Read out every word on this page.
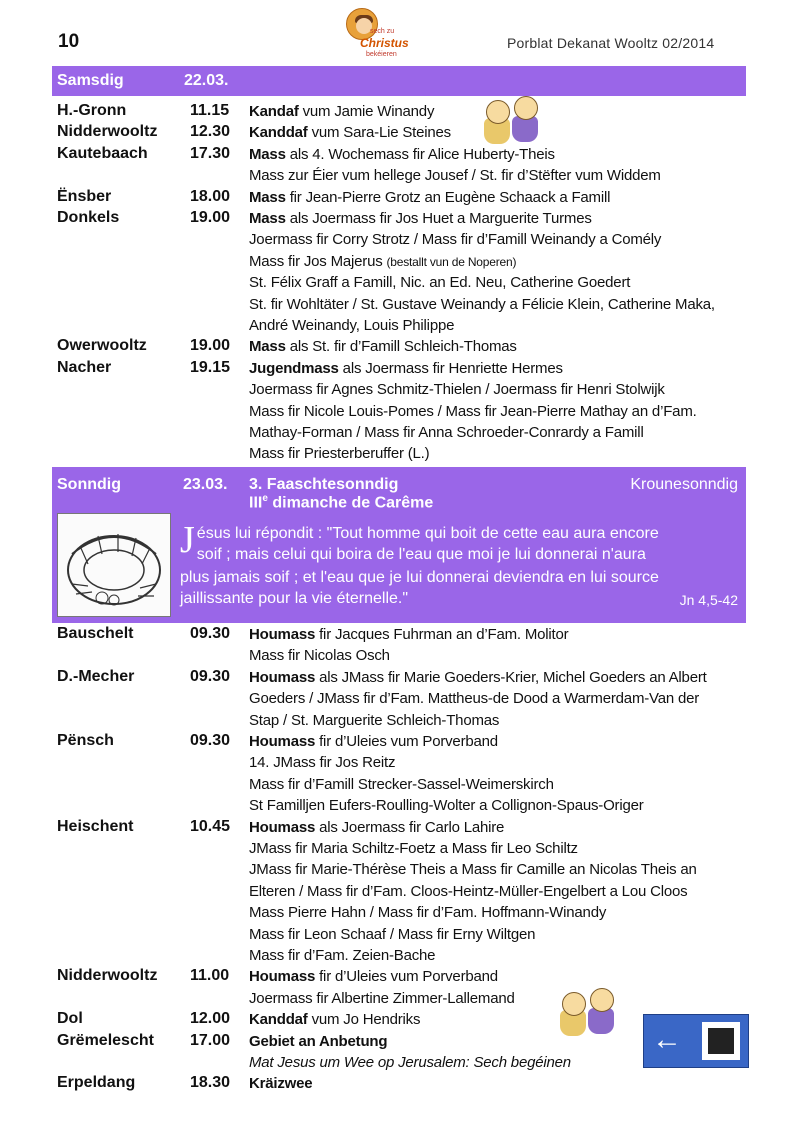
10	sech zu
Christus
bekéieren
Porblat Dekanat Wooltz 02/2014
Samsdig	22.03.
H.-Gronn	11.15 Kandaf vum Jamie Winandy
Nidderwooltz 12.30 Kanddaf vum Sara-Lie Steines
Kautebaach	17.30 Mass als 4. Wochemass fir Alice Huberty-Theis
Mass zur Éier vum hellege Jousef / St. fir d’Stëfter vum Widdem
Ënsber	18.00 Mass fir Jean-Pierre Grotz an Eugène Schaack a Famill
Donkels	19.00 Mass als Joermass fir Jos Huet a Marguerite Turmes
Joermass fir Corry Strotz / Mass fir d’Famill Weinandy a Comély
Mass fir Jos Majerus (bestallt vun de Noperen)
St. Félix Graff a Famill, Nic. an Ed. Neu, Catherine Goedert
St. fir Wohltäter / St. Gustave Weinandy a Félicie Klein, Catherine Maka,
André Weinandy, Louis Philippe
Owerwooltz	19.00 Mass als St. fir d’Famill Schleich-Thomas
Nacher	19.15 Jugendmass als Joermass fir Henriette Hermes
Joermass fir Agnes Schmitz-Thielen / Joermass fir Henri Stolwijk
Mass fir Nicole Louis-Pomes / Mass fir Jean-Pierre Mathay an d’Fam.
Mathay-Forman / Mass fir Anna Schroeder-Conrardy a Famill
Mass fir Priesterberuffer (L.)
Sonndig	23.03. 3. Faaschtesonndig
IIIe dimanche de Carême
Krounesonndig
J ésus lui répondit : "Tout homme qui boit de cette eau aura encore
soif ; mais celui qui boira de l'eau que moi je lui donnerai n'aura
plus jamais soif ; et l'eau que je lui donnerai deviendra en lui source
jaillissante pour la vie éternelle."	Jn 4,5-42
Bauschelt	09.30 Houmass fir Jacques Fuhrman an d’Fam. Molitor
Mass fir Nicolas Osch
D.-Mecher	09.30 Houmass als JMass fir Marie Goeders-Krier, Michel Goeders an Albert
Goeders / JMass fir d’Fam. Mattheus-de Dood a Warmerdam-Van der
Stap / St. Marguerite Schleich-Thomas
Pënsch	09.30 Houmass fir d’Uleies vum Porverband
14. JMass fir Jos Reitz
Mass fir d’Famill Strecker-Sassel-Weimerskirch
St Familljen Eufers-Roulling-Wolter a Collignon-Spaus-Origer
Heischent	10.45 Houmass als Joermass fir Carlo Lahire
JMass fir Maria Schiltz-Foetz a Mass fir Leo Schiltz
JMass fir Marie-Thérèse Theis a Mass fir Camille an Nicolas Theis an
Elteren / Mass fir d’Fam. Cloos-Heintz-Müller-Engelbert a Lou Cloos
Mass Pierre Hahn / Mass fir d’Fam. Hoffmann-Winandy
Mass fir Leon Schaaf / Mass fir Erny Wiltgen
Mass fir d’Fam. Zeien-Bache
Nidderwooltz 11.00 Houmass fir d’Uleies vum Porverband
Joermass fir Albertine Zimmer-Lallemand
Dol	12.00 Kanddaf vum Jo Hendriks
Grëmelescht 17.00 Gebiet an Anbetung
Mat Jesus um Wee op Jerusalem: Sech begéinen
Erpeldang	18.30 Kräizwee
←
